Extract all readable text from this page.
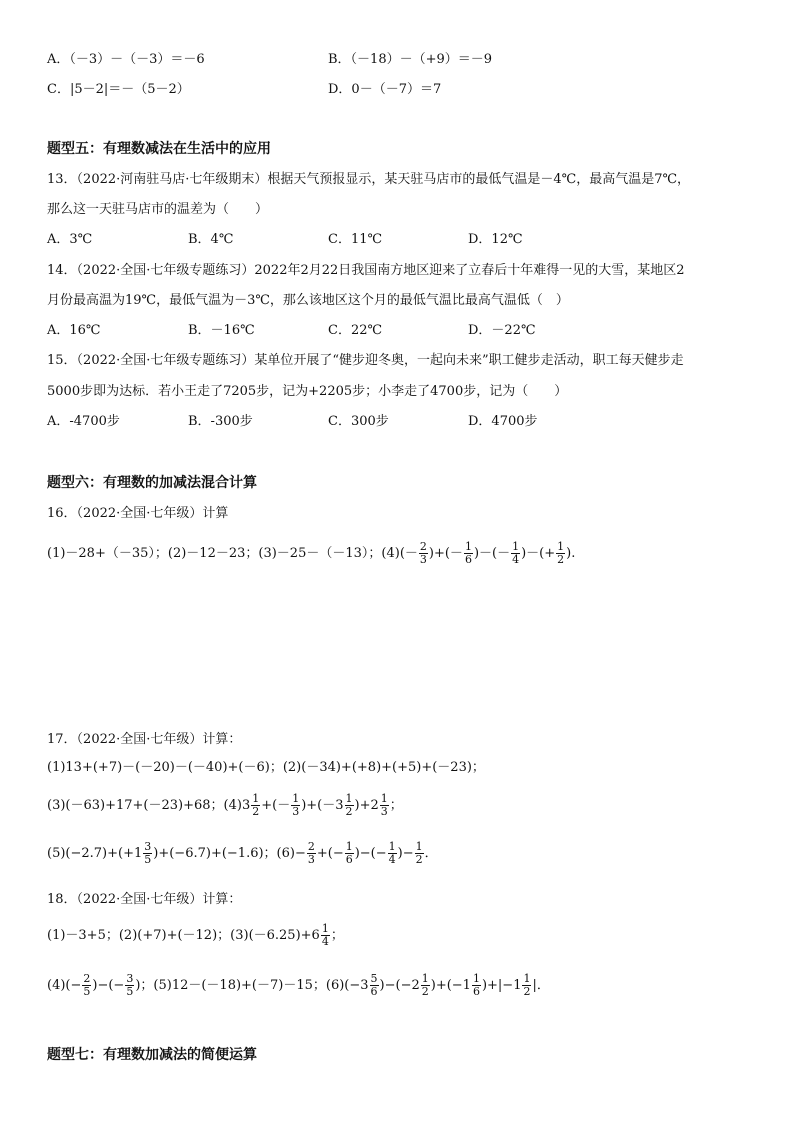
A．（－3）－（－3）＝－6	B．（－18）－（+9）＝－9
C．|5－2|＝－（5－2）	D．0－（－7）＝7
题型五：有理数减法在生活中的应用
13．（2022·河南驻马店·七年级期末）根据天气预报显示，某天驻马店市的最低气温是－4℃，最高气温是7℃，
那么这一天驻马店市的温差为（　　）
A．3℃	B．4℃	C．11℃	D．12℃
14．（2022·全国·七年级专题练习）2022年2月22日我国南方地区迎来了立春后十年难得一见的大雪，某地区2
月份最高温为19℃，最低气温为－3℃，那么该地区这个月的最低气温比最高气温低（　）
A．16℃	B．－16℃	C．22℃	D．－22℃
15．（2022·全国·七年级专题练习）某单位开展了“健步迎冬奥，一起向未来”职工健步走活动，职工每天健步走
5000步即为达标．若小王走了7205步，记为+2205步；小李走了4700步，记为（　　）
A．-4700步	B．-300步	C．300步	D．4700步
题型六：有理数的加减法混合计算
16．（2022·全国·七年级）计算
(1)－28+（－35）；(2)－12－23；(3)－25－（－13）；$(4)(- \frac{2}{3}$ )+(－ $\frac{1}{6}$ )－(－ $\frac{1}{4}$ )－(+ $\frac{1}{2}$ ).
17．（2022·全国·七年级）计算：
(1)13+(+7)－(－20)－(－40)+(－6)；(2)(－34)+(+8)+(+5)+(－23)；
(3)(－63)+17+(－23)+68；$(4)3 \frac{1}{2}$ +(－ $\frac{1}{3} )+(-3 \frac{1}{2} )+2 \frac{1}{3}$ ；
$(5)(-2.7)+(+1 \frac{3}{5} )+(-6.7)+(-1.6)$；$(6)- \frac{2}{3}$ +(− $\frac{1}{6}$ )−(− $\frac{1}{4}$ )− $\frac{1}{2}$ ．
18．（2022·全国·七年级）计算：
(1)－3+5；(2)(+7)+(－12)；$(3)(-6.25)+6 \frac{1}{4}$ ；
$(4)(- \frac{2}{5}$ )−(− $\frac{3}{5}$ )；(5)12－(－18)+(－7)－15；$(6)(-3 \frac{5}{6} )-(-2 \frac{1}{2} )+(-1 \frac{1}{6} )+|-1 \frac{1}{2}$ |．
题型七：有理数加减法的简便运算
